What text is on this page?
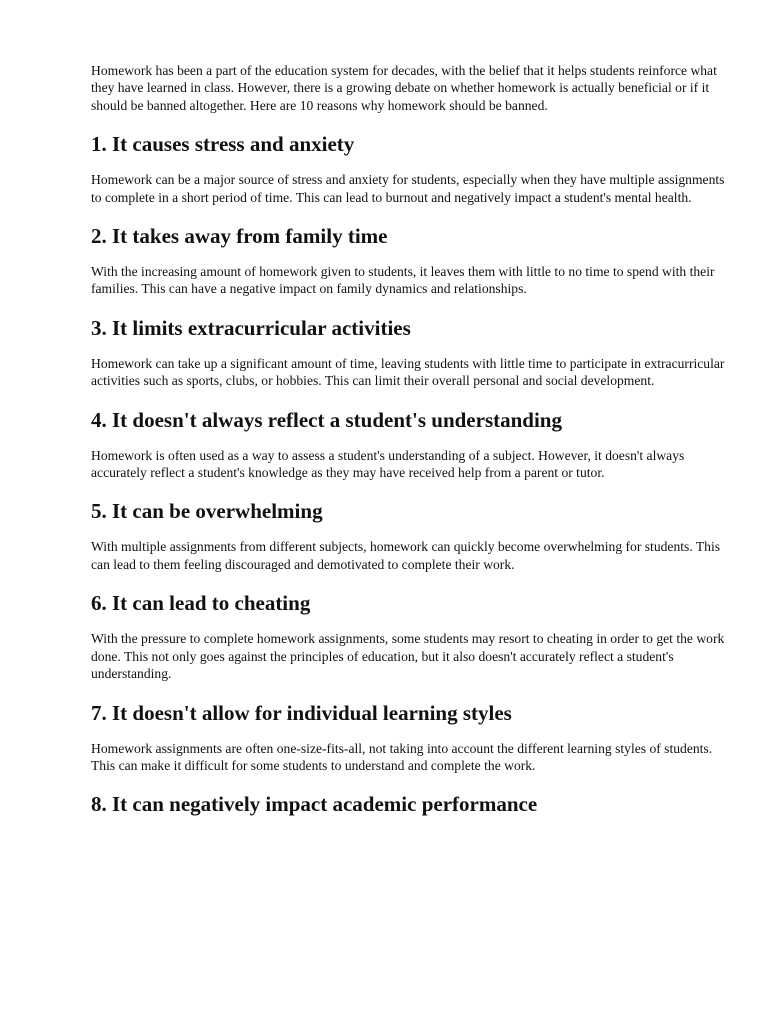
Homework has been a part of the education system for decades, with the belief that it helps students reinforce what they have learned in class. However, there is a growing debate on whether homework is actually beneficial or if it should be banned altogether. Here are 10 reasons why homework should be banned.

1. It causes stress and anxiety

Homework can be a major source of stress and anxiety for students, especially when they have multiple assignments to complete in a short period of time. This can lead to burnout and negatively impact a student's mental health.

2. It takes away from family time

With the increasing amount of homework given to students, it leaves them with little to no time to spend with their families. This can have a negative impact on family dynamics and relationships.

3. It limits extracurricular activities

Homework can take up a significant amount of time, leaving students with little time to participate in extracurricular activities such as sports, clubs, or hobbies. This can limit their overall personal and social development.

4. It doesn't always reflect a student's understanding

Homework is often used as a way to assess a student's understanding of a subject. However, it doesn't always accurately reflect a student's knowledge as they may have received help from a parent or tutor.

5. It can be overwhelming

With multiple assignments from different subjects, homework can quickly become overwhelming for students. This can lead to them feeling discouraged and demotivated to complete their work.

6. It can lead to cheating

With the pressure to complete homework assignments, some students may resort to cheating in order to get the work done. This not only goes against the principles of education, but it also doesn't accurately reflect a student's understanding.

7. It doesn't allow for individual learning styles

Homework assignments are often one-size-fits-all, not taking into account the different learning styles of students. This can make it difficult for some students to understand and complete the work.

8. It can negatively impact academic performance
